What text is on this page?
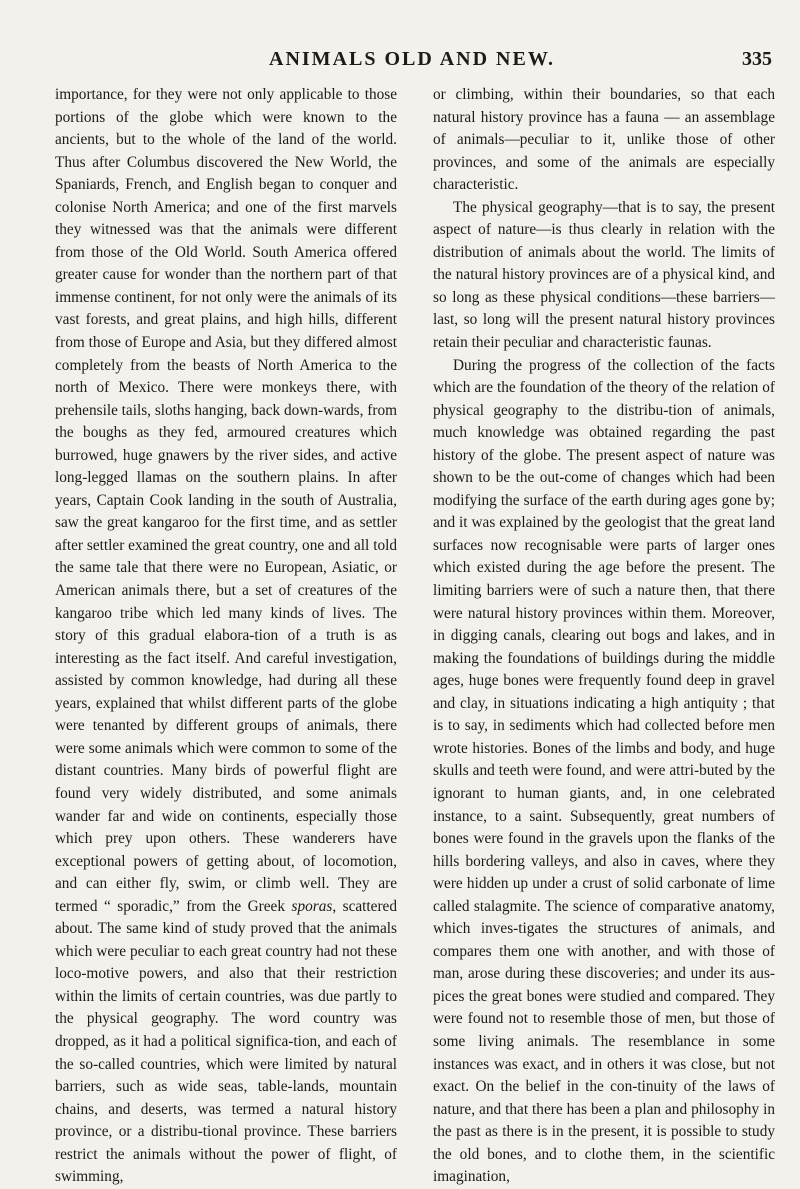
ANIMALS OLD AND NEW.	335

importance, for they were not only applicable to those portions of the globe which were known to the ancients, but to the whole of the land of the world. Thus after Columbus discovered the New World, the Spaniards, French, and English began to conquer and colonise North America; and one of the first marvels they witnessed was that the animals were different from those of the Old World. South America offered greater cause for wonder than the northern part of that immense continent, for not only were the animals of its vast forests, and great plains, and high hills, different from those of Europe and Asia, but they differed almost completely from the beasts of North America to the north of Mexico. There were monkeys there, with prehensile tails, sloths hanging, back down-wards, from the boughs as they fed, armoured creatures which burrowed, huge gnawers by the river sides, and active long-legged llamas on the southern plains. In after years, Captain Cook landing in the south of Australia, saw the great kangaroo for the first time, and as settler after settler examined the great country, one and all told the same tale that there were no European, Asiatic, or American animals there, but a set of creatures of the kangaroo tribe which led many kinds of lives. The story of this gradual elabora-tion of a truth is as interesting as the fact itself. And careful investigation, assisted by common knowledge, had during all these years, explained that whilst different parts of the globe were tenanted by different groups of animals, there were some animals which were common to some of the distant countries. Many birds of powerful flight are found very widely distributed, and some animals wander far and wide on continents, especially those which prey upon others. These wanderers have exceptional powers of getting about, of locomotion, and can either fly, swim, or climb well. They are termed “ sporadic,” from the Greek sporas, scattered about. The same kind of study proved that the animals which were peculiar to each great country had not these loco-motive powers, and also that their restriction within the limits of certain countries, was due partly to the physical geography. The word country was dropped, as it had a political significa-tion, and each of the so-called countries, which were limited by natural barriers, such as wide seas, table-lands, mountain chains, and deserts, was termed a natural history province, or a distribu-tional province. These barriers restrict the animals without the power of flight, of swimming,

or climbing, within their boundaries, so that each natural history province has a fauna — an assemblage of animals—peculiar to it, unlike those of other provinces, and some of the animals are especially characteristic.

The physical geography—that is to say, the present aspect of nature—is thus clearly in relation with the distribution of animals about the world. The limits of the natural history provinces are of a physical kind, and so long as these physical conditions—these barriers—last, so long will the present natural history provinces retain their peculiar and characteristic faunas.

During the progress of the collection of the facts which are the foundation of the theory of the relation of physical geography to the distribu-tion of animals, much knowledge was obtained regarding the past history of the globe. The present aspect of nature was shown to be the out-come of changes which had been modifying the surface of the earth during ages gone by; and it was explained by the geologist that the great land surfaces now recognisable were parts of larger ones which existed during the age before the present. The limiting barriers were of such a nature then, that there were natural history provinces within them. Moreover, in digging canals, clearing out bogs and lakes, and in making the foundations of buildings during the middle ages, huge bones were frequently found deep in gravel and clay, in situations indicating a high antiquity ; that is to say, in sediments which had collected before men wrote histories. Bones of the limbs and body, and huge skulls and teeth were found, and were attri-buted by the ignorant to human giants, and, in one celebrated instance, to a saint. Subsequently, great numbers of bones were found in the gravels upon the flanks of the hills bordering valleys, and also in caves, where they were hidden up under a crust of solid carbonate of lime called stalagmite. The science of comparative anatomy, which inves-tigates the structures of animals, and compares them one with another, and with those of man, arose during these discoveries; and under its aus-pices the great bones were studied and compared. They were found not to resemble those of men, but those of some living animals. The resemblance in some instances was exact, and in others it was close, but not exact. On the belief in the con-tinuity of the laws of nature, and that there has been a plan and philosophy in the past as there is in the present, it is possible to study the old bones, and to clothe them, in the scientific imagination,
